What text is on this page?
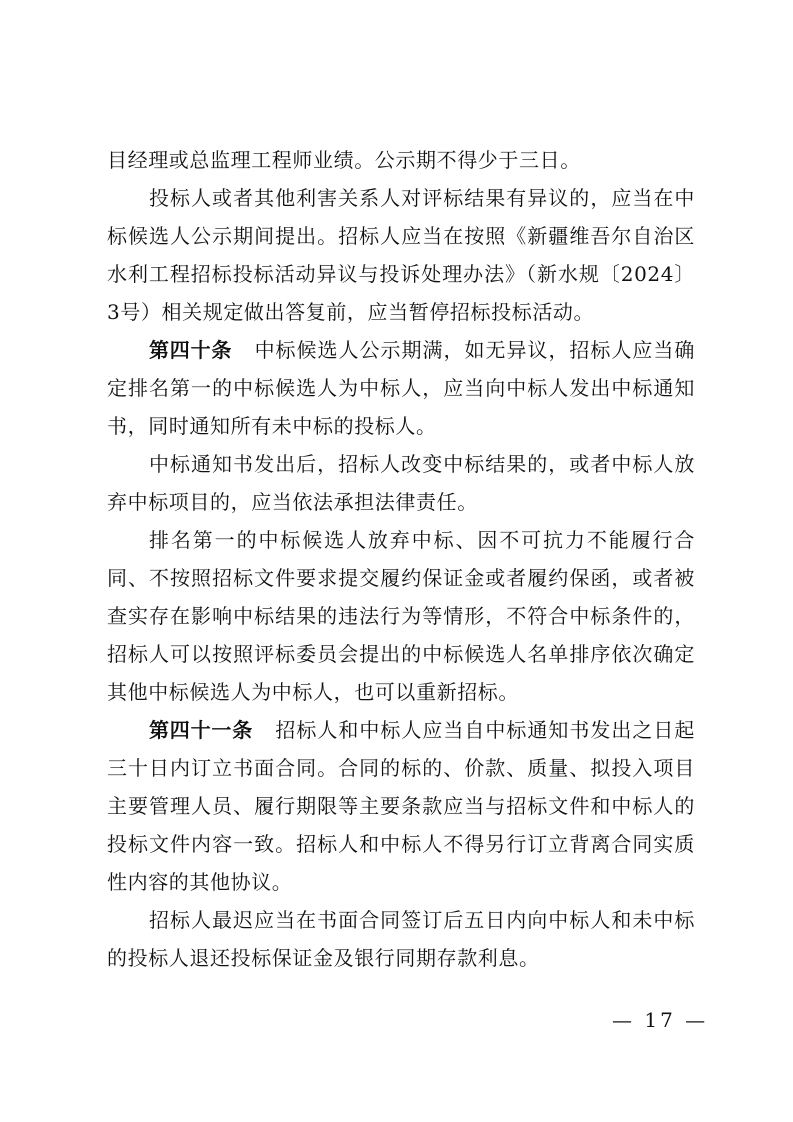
目经理或总监理工程师业绩。公示期不得少于三日。

投标人或者其他利害关系人对评标结果有异议的，应当在中标候选人公示期间提出。招标人应当在按照《新疆维吾尔自治区水利工程招标投标活动异议与投诉处理办法》（新水规〔2024〕3号）相关规定做出答复前，应当暂停招标投标活动。

第四十条 中标候选人公示期满，如无异议，招标人应当确定排名第一的中标候选人为中标人，应当向中标人发出中标通知书，同时通知所有未中标的投标人。

中标通知书发出后，招标人改变中标结果的，或者中标人放弃中标项目的，应当依法承担法律责任。

排名第一的中标候选人放弃中标、因不可抗力不能履行合同、不按照招标文件要求提交履约保证金或者履约保函，或者被查实存在影响中标结果的违法行为等情形，不符合中标条件的，招标人可以按照评标委员会提出的中标候选人名单排序依次确定其他中标候选人为中标人，也可以重新招标。

第四十一条 招标人和中标人应当自中标通知书发出之日起三十日内订立书面合同。合同的标的、价款、质量、拟投入项目主要管理人员、履行期限等主要条款应当与招标文件和中标人的投标文件内容一致。招标人和中标人不得另行订立背离合同实质性内容的其他协议。

招标人最迟应当在书面合同签订后五日内向中标人和未中标的投标人退还投标保证金及银行同期存款利息。

— 17 —
